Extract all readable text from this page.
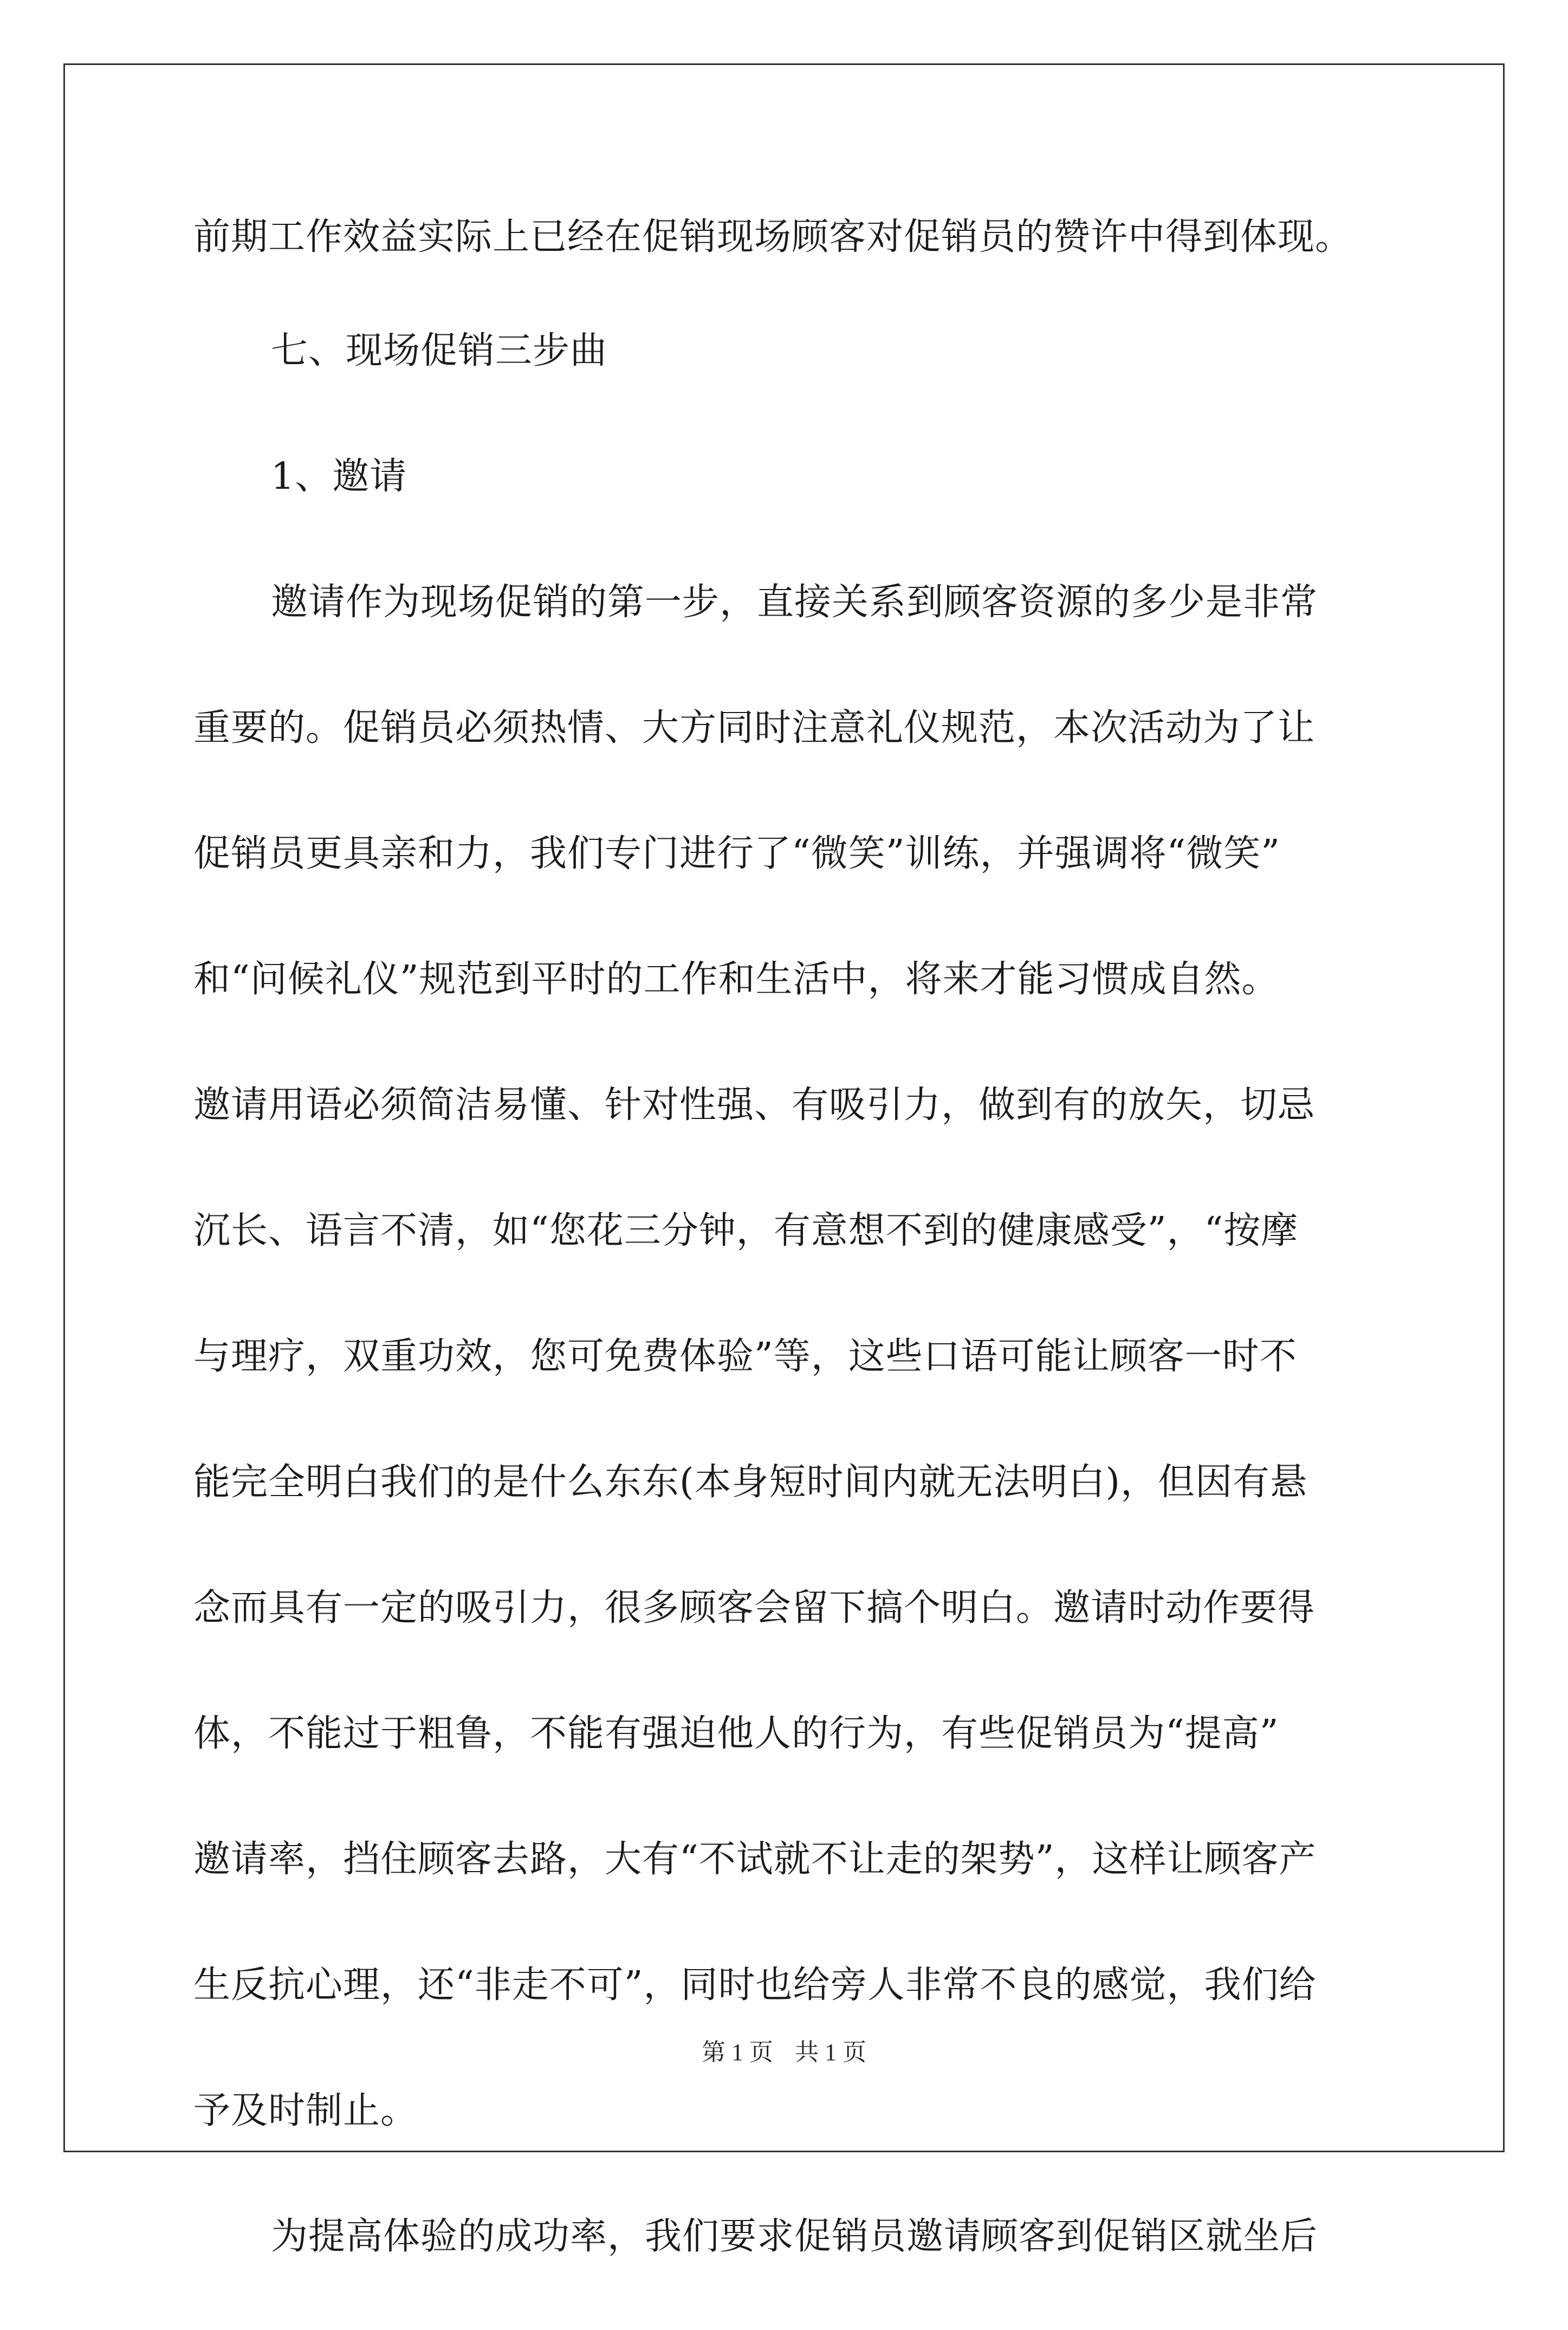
前期工作效益实际上已经在促销现场顾客对促销员的赞许中得到体现。
七、现场促销三步曲
1、邀请
邀请作为现场促销的第一步，直接关系到顾客资源的多少是非常
重要的。促销员必须热情、大方同时注意礼仪规范，本次活动为了让
促销员更具亲和力，我们专门进行了“微笑”训练，并强调将“微笑”
和“问候礼仪”规范到平时的工作和生活中，将来才能习惯成自然。
邀请用语必须简洁易懂、针对性强、有吸引力，做到有的放矢，切忌
沉长、语言不清，如“您花三分钟，有意想不到的健康感受”，“按摩
与理疗，双重功效，您可免费体验”等，这些口语可能让顾客一时不
能完全明白我们的是什么东东(本身短时间内就无法明白)，但因有悬
念而具有一定的吸引力，很多顾客会留下搞个明白。邀请时动作要得
体，不能过于粗鲁，不能有强迫他人的行为，有些促销员为“提高”
邀请率，挡住顾客去路，大有“不试就不让走的架势”，这样让顾客产
生反抗心理，还“非走不可”，同时也给旁人非常不良的感觉，我们给
予及时制止。
为提高体验的成功率，我们要求促销员邀请顾客到促销区就坐后
第 1 页 共 1 页
